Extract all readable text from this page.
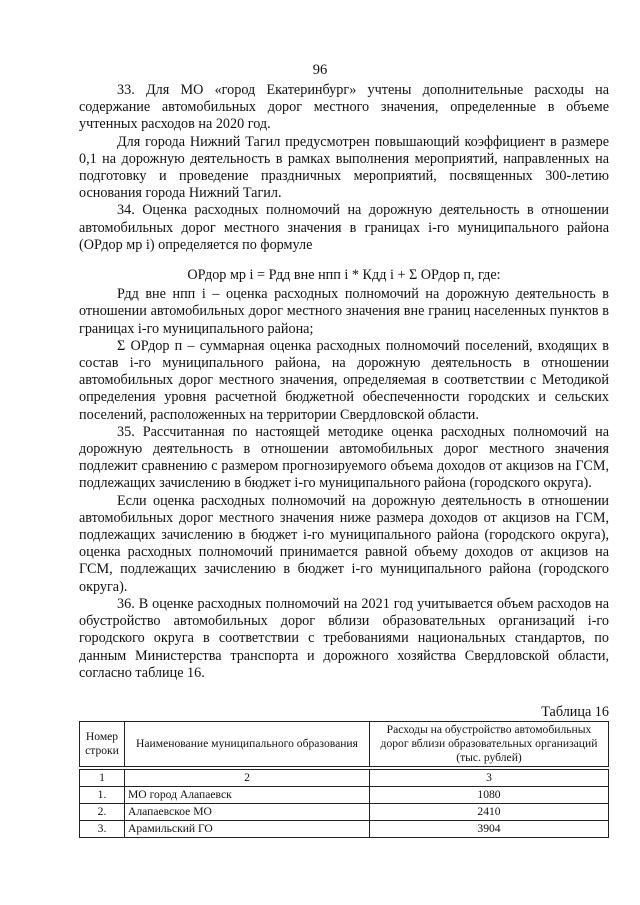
96

33. Для МО «город Екатеринбург» учтены дополнительные расходы на содержание автомобильных дорог местного значения, определенные в объеме учтенных расходов на 2020 год.

Для города Нижний Тагил предусмотрен повышающий коэффициент в размере 0,1 на дорожную деятельность в рамках выполнения мероприятий, направленных на подготовку и проведение праздничных мероприятий, посвященных 300-летию основания города Нижний Тагил.

34. Оценка расходных полномочий на дорожную деятельность в отношении автомобильных дорог местного значения в границах i-го муниципального района (ОРдор мр i) определяется по формуле

ОРдор мр i = Рдд вне нпп i * Кдд i + Σ ОРдор п, где:

Рдд вне нпп i – оценка расходных полномочий на дорожную деятельность в отношении автомобильных дорог местного значения вне границ населенных пунктов в границах i-го муниципального района;

Σ ОРдор п – суммарная оценка расходных полномочий поселений, входящих в состав i-го муниципального района, на дорожную деятельность в отношении автомобильных дорог местного значения, определяемая в соответствии с Методикой определения уровня расчетной бюджетной обеспеченности городских и сельских поселений, расположенных на территории Свердловской области.

35. Рассчитанная по настоящей методике оценка расходных полномочий на дорожную деятельность в отношении автомобильных дорог местного значения подлежит сравнению с размером прогнозируемого объема доходов от акцизов на ГСМ, подлежащих зачислению в бюджет i-го муниципального района (городского округа).

Если оценка расходных полномочий на дорожную деятельность в отношении автомобильных дорог местного значения ниже размера доходов от акцизов на ГСМ, подлежащих зачислению в бюджет i-го муниципального района (городского округа), оценка расходных полномочий принимается равной объему доходов от акцизов на ГСМ, подлежащих зачислению в бюджет i-го муниципального района (городского округа).

36. В оценке расходных полномочий на 2021 год учитывается объем расходов на обустройство автомобильных дорог вблизи образовательных организаций i-го городского округа в соответствии с требованиями национальных стандартов, по данным Министерства транспорта и дорожного хозяйства Свердловской области, согласно таблице 16.

Таблица 16
Номер строки	Наименование муниципального образования	Расходы на обустройство автомобильных дорог вблизи образовательных организаций (тыс. рублей)
1	2	3
1.	МО город Алапаевск	1080
2.	Алапаевское МО	2410
3.	Арамильский ГО	3904
